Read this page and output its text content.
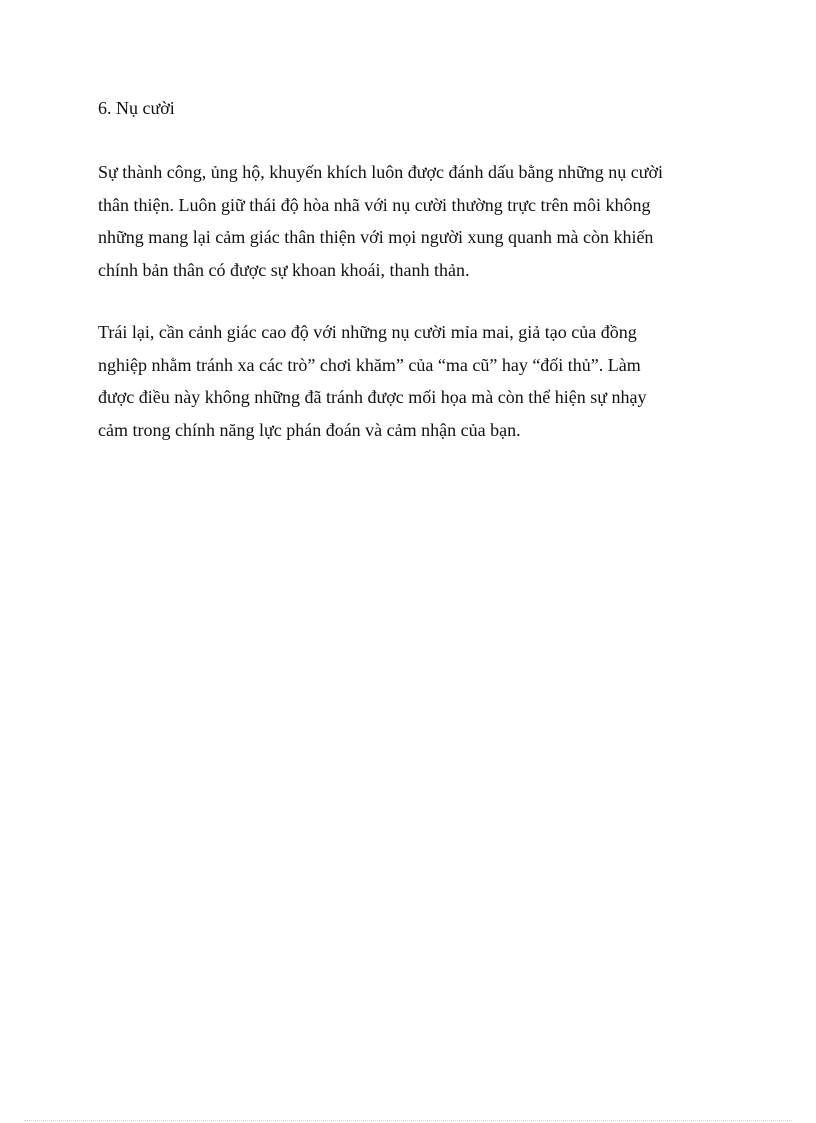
6. Nụ cười
Sự thành công, ủng hộ, khuyến khích luôn được đánh dấu bằng những nụ cười
thân thiện. Luôn giữ thái độ hòa nhã với nụ cười thường trực trên môi không
những mang lại cảm giác thân thiện với mọi người xung quanh mà còn khiến
chính bản thân có được sự khoan khoái, thanh thản.
Trái lại, cần cảnh giác cao độ với những nụ cười mỉa mai, giả tạo của đồng
nghiệp nhằm tránh xa các trò” chơi khăm” của “ma cũ” hay “đối thủ”. Làm
được điều này không những đã tránh được mối họa mà còn thể hiện sự nhạy
cảm trong chính năng lực phán đoán và cảm nhận của bạn.
